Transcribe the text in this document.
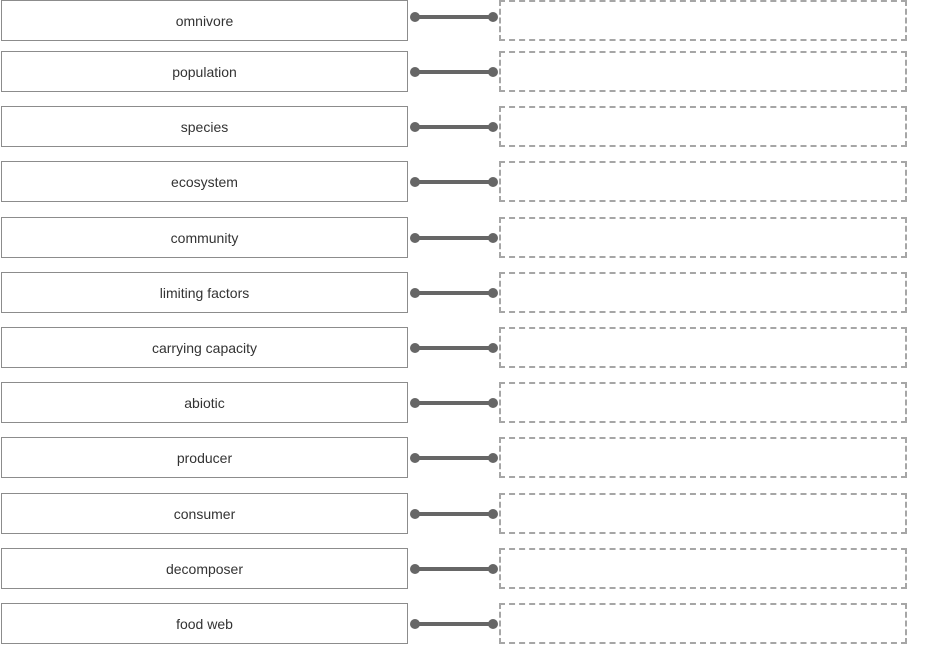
omnivore
population
species
ecosystem
community
limiting factors
carrying capacity
abiotic
producer
consumer
decomposer
food web
